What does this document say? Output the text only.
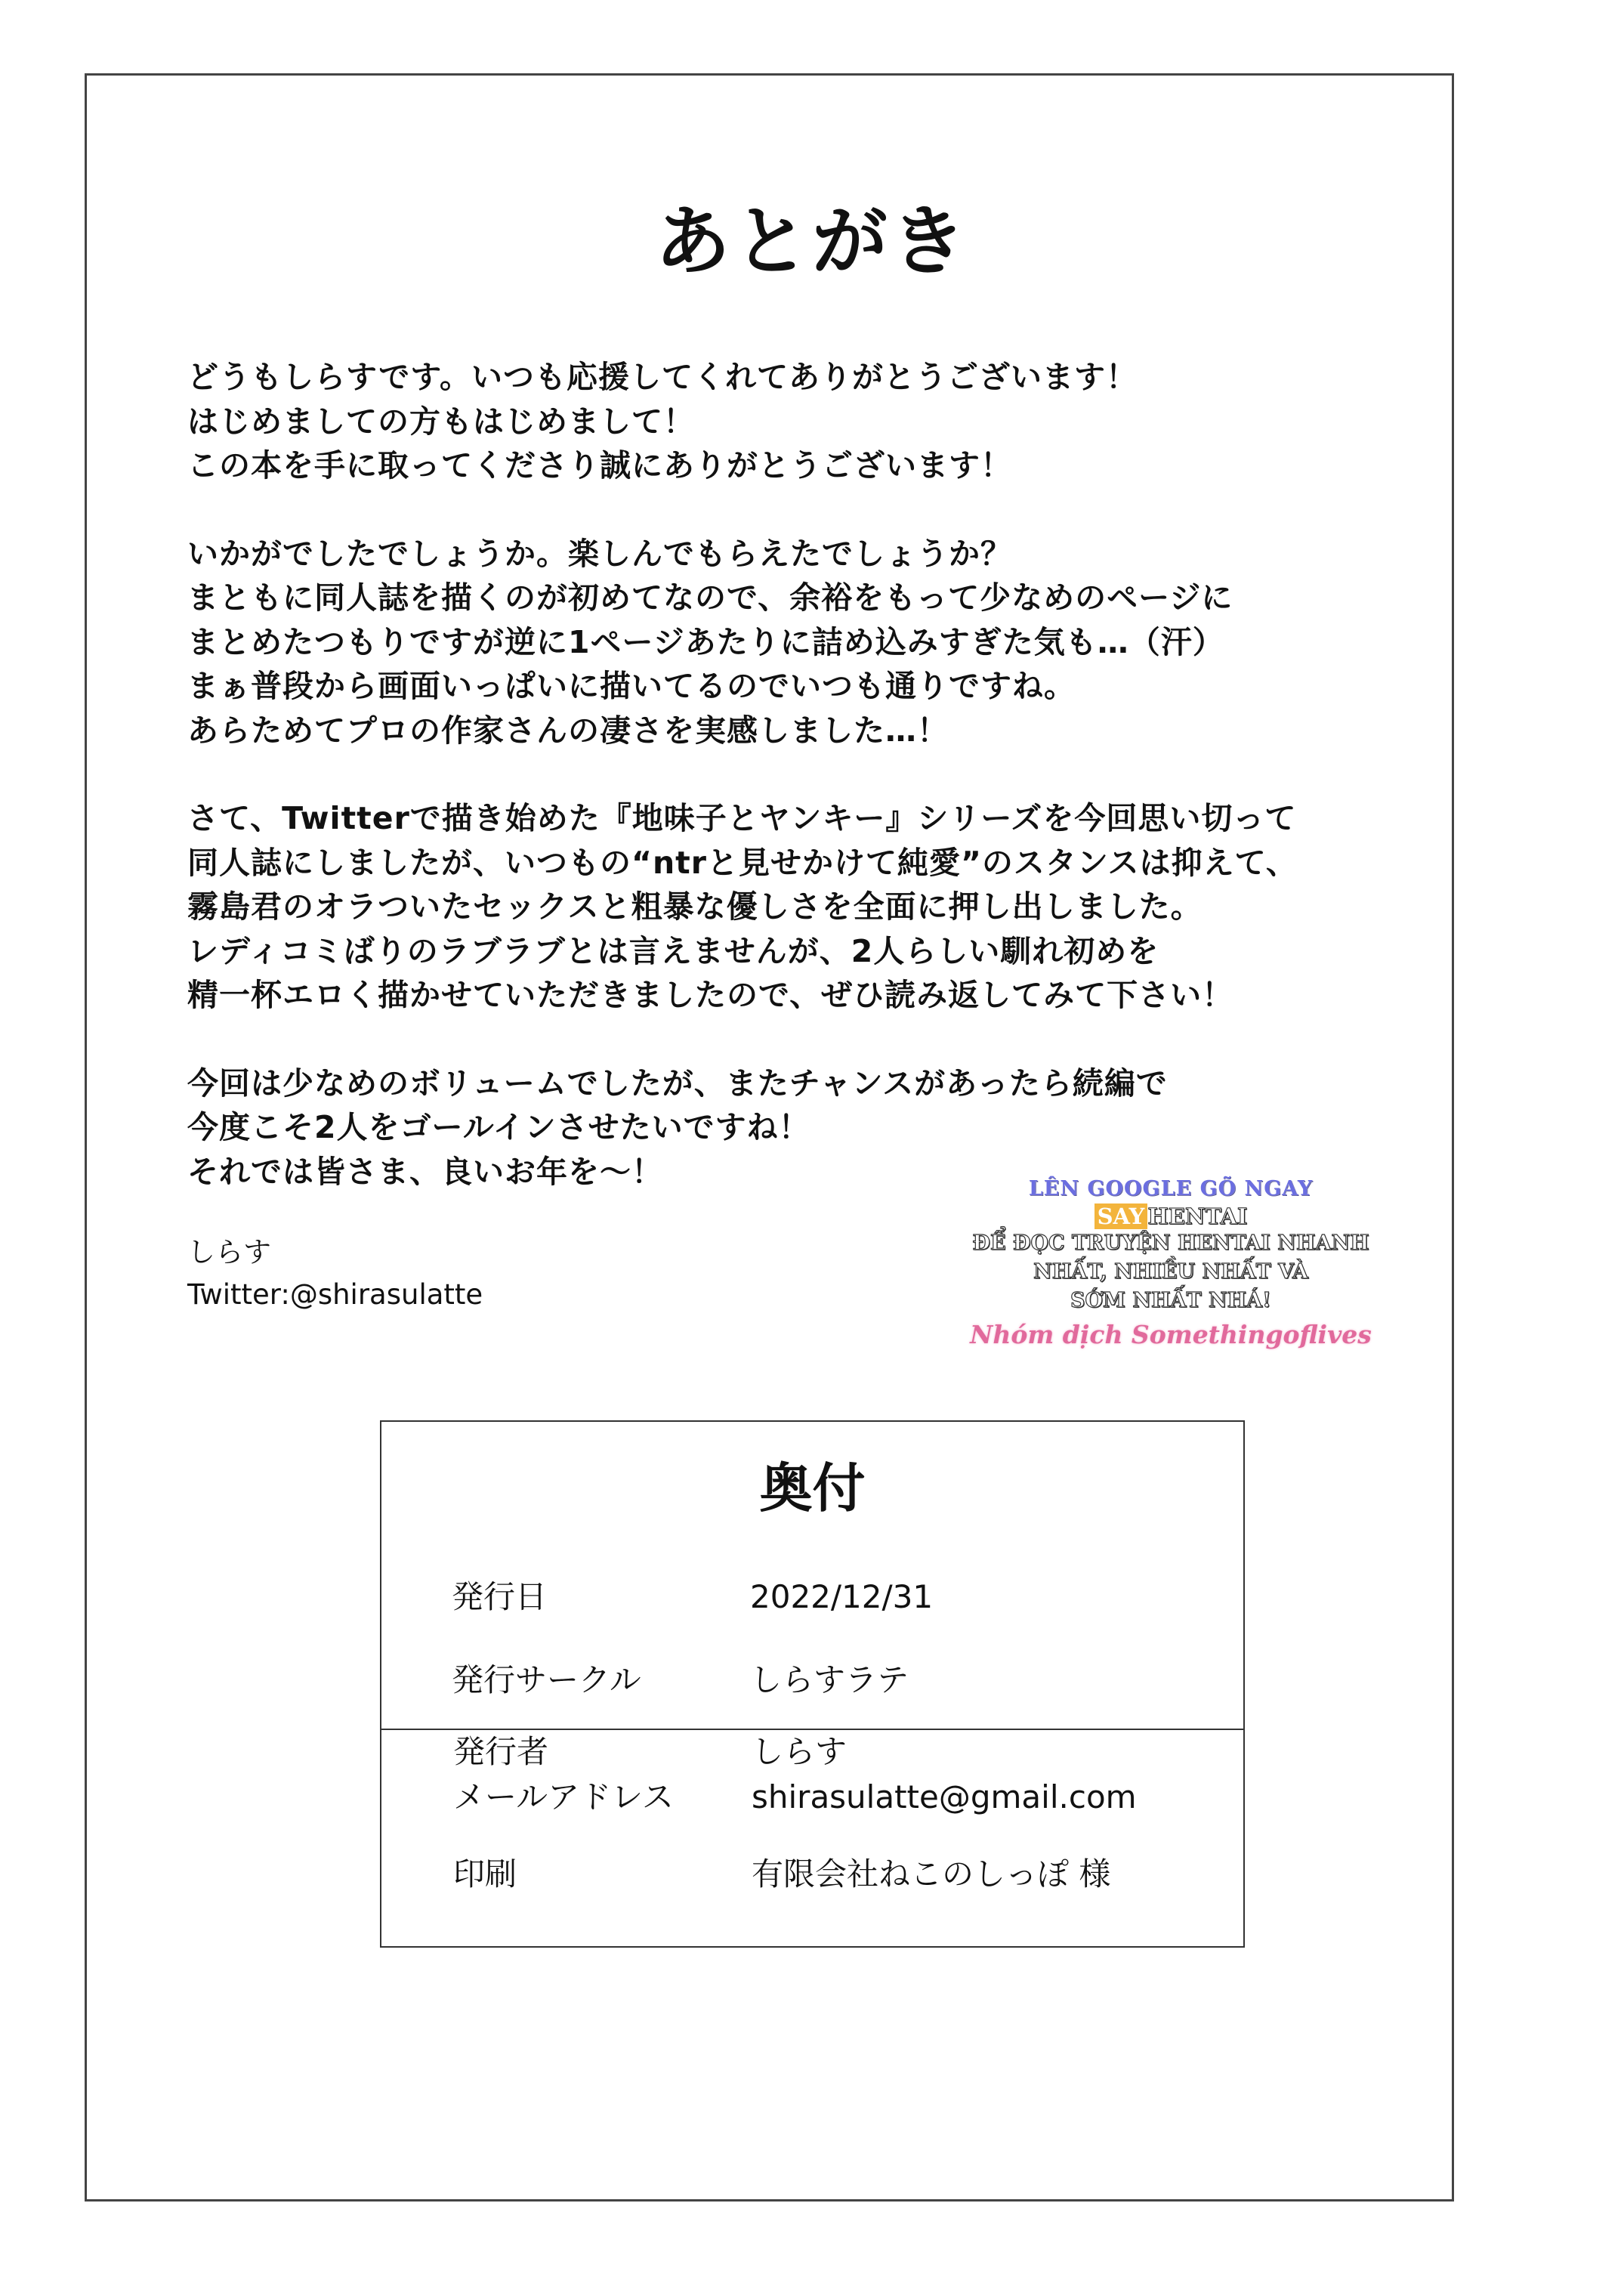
あとがき
どうもしらすです。いつも応援してくれてありがとうございます！
はじめましての方もはじめまして！
この本を手に取ってくださり誠にありがとうございます！
いかがでしたでしょうか。楽しんでもらえたでしょうか？
まともに同人誌を描くのが初めてなので、余裕をもって少なめのページに
まとめたつもりですが逆に1ページあたりに詰め込みすぎた気も…（汗）
まぁ普段から画面いっぱいに描いてるのでいつも通りですね。
あらためてプロの作家さんの凄さを実感しました…！
さて、Twitterで描き始めた『地味子とヤンキー』シリーズを今回思い切って
同人誌にしましたが、いつもの“ntrと見せかけて純愛”のスタンスは抑えて、
霧島君のオラついたセックスと粗暴な優しさを全面に押し出しました。
レディコミばりのラブラブとは言えませんが、2人らしい馴れ初めを
精一杯エロく描かせていただきましたので、ぜひ読み返してみて下さい！
今回は少なめのボリュームでしたが、またチャンスがあったら続編で
今度こそ2人をゴールインさせたいですね！
それでは皆さま、良いお年を～！
しらす
Twitter:@shirasulatte
LÊN GOOGLE GÕ NGAY
SAY HENTAI
ĐỂ ĐỌC TRUYỆN HENTAI NHANH
NHẤT, NHIỀU NHẤT VÀ
SỚM NHẤT NHÁ!
Nhóm dịch Somethingoflives
奥付
発行日	2022/12/31
発行サークル	しらすラテ
発行者	しらす
メールアドレス shirasulatte@gmail.com
印刷	有限会社ねこのしっぽ 様
